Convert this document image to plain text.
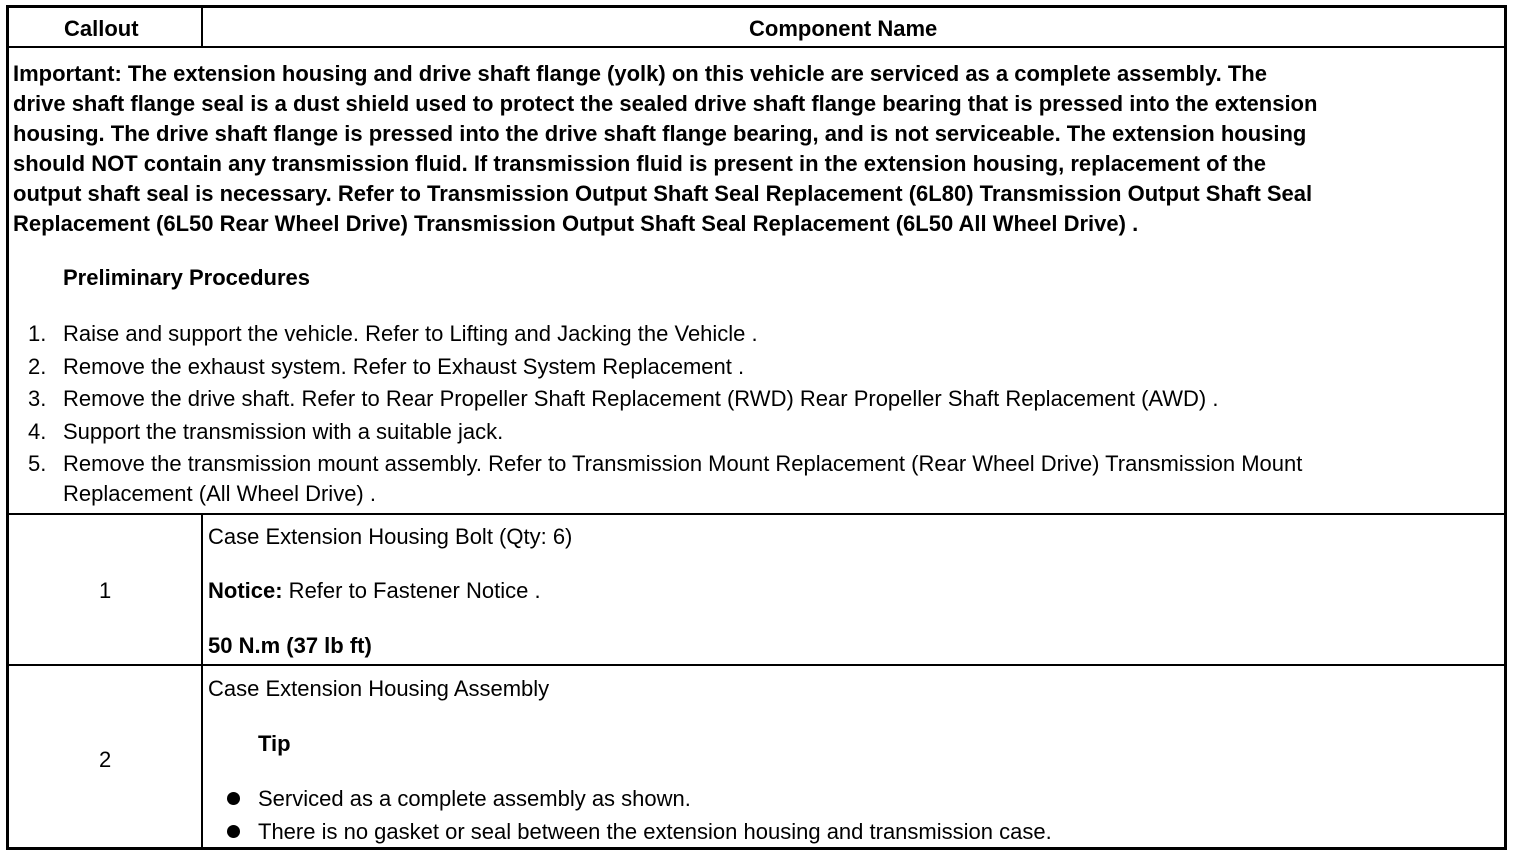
Callout	Component Name
Important: The extension housing and drive shaft flange (yolk) on this vehicle are serviced as a complete assembly. The
drive shaft flange seal is a dust shield used to protect the sealed drive shaft flange bearing that is pressed into the extension
housing. The drive shaft flange is pressed into the drive shaft flange bearing, and is not serviceable. The extension housing
should NOT contain any transmission fluid. If transmission fluid is present in the extension housing, replacement of the
output shaft seal is necessary. Refer to Transmission Output Shaft Seal Replacement (6L80) Transmission Output Shaft Seal
Replacement (6L50 Rear Wheel Drive) Transmission Output Shaft Seal Replacement (6L50 All Wheel Drive) .
Preliminary Procedures
1. Raise and support the vehicle. Refer to Lifting and Jacking the Vehicle .
2. Remove the exhaust system. Refer to Exhaust System Replacement .
3. Remove the drive shaft. Refer to Rear Propeller Shaft Replacement (RWD) Rear Propeller Shaft Replacement (AWD) .
4. Support the transmission with a suitable jack.
5. Remove the transmission mount assembly. Refer to Transmission Mount Replacement (Rear Wheel Drive) Transmission Mount
Replacement (All Wheel Drive) .
1
Case Extension Housing Bolt (Qty: 6)
Notice: Refer to Fastener Notice .
50 N.m (37 lb ft)
2
Case Extension Housing Assembly
Tip
Serviced as a complete assembly as shown.
There is no gasket or seal between the extension housing and transmission case.
